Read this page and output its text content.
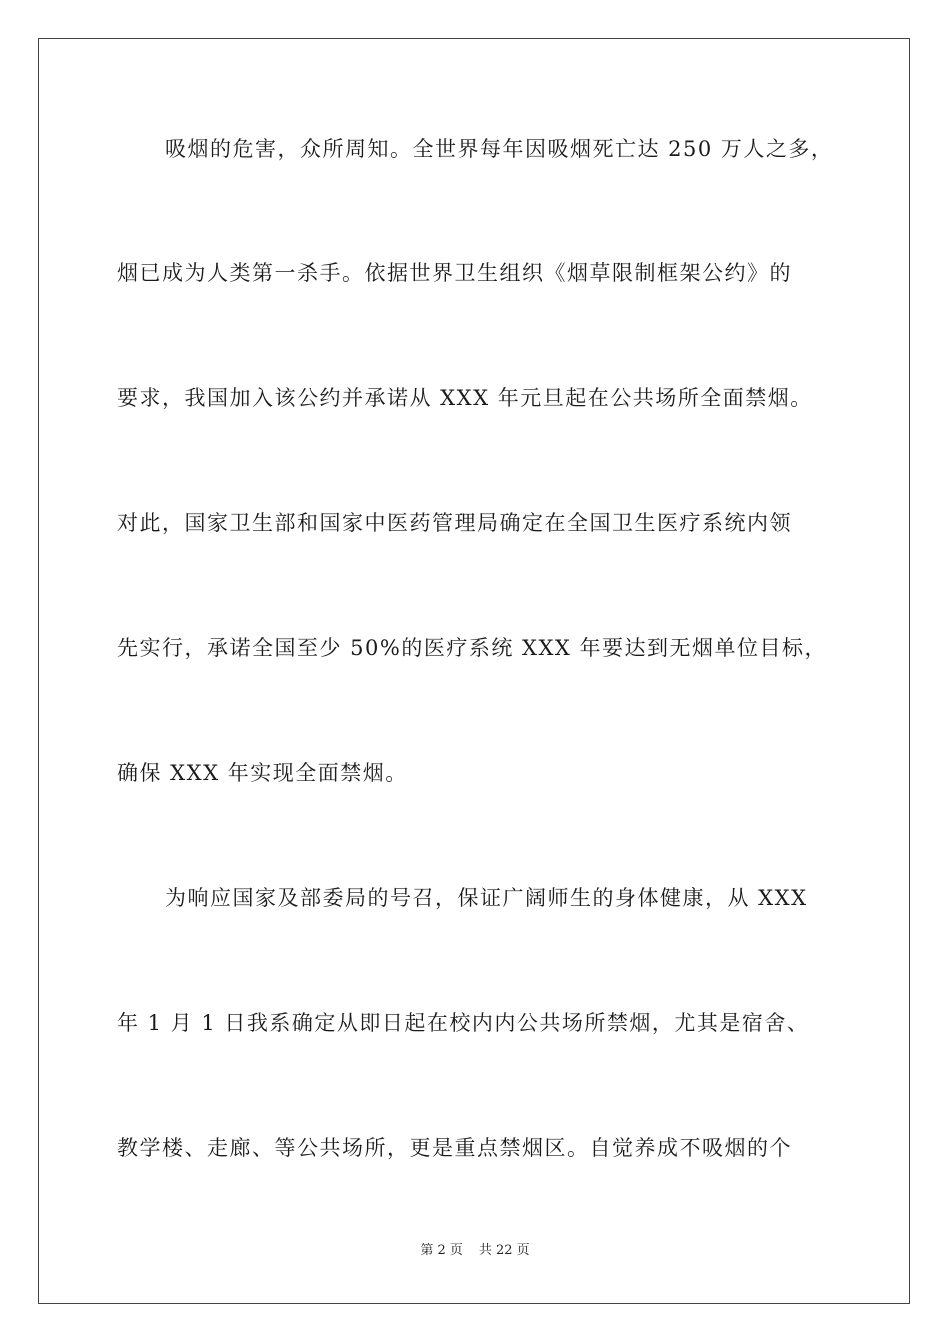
吸烟的危害，众所周知。全世界每年因吸烟死亡达 250 万人之多，
烟已成为人类第一杀手。依据世界卫生组织《烟草限制框架公约》的
要求，我国加入该公约并承诺从 XXX 年元旦起在公共场所全面禁烟。
对此，国家卫生部和国家中医药管理局确定在全国卫生医疗系统内领
先实行，承诺全国至少 50%的医疗系统 XXX 年要达到无烟单位目标，
确保 XXX 年实现全面禁烟。
为响应国家及部委局的号召，保证广阔师生的身体健康，从 XXX
年 1 月 1 日我系确定从即日起在校内内公共场所禁烟，尤其是宿舍、
教学楼、走廊、等公共场所，更是重点禁烟区。自觉养成不吸烟的个
第 2 页 共 22 页
